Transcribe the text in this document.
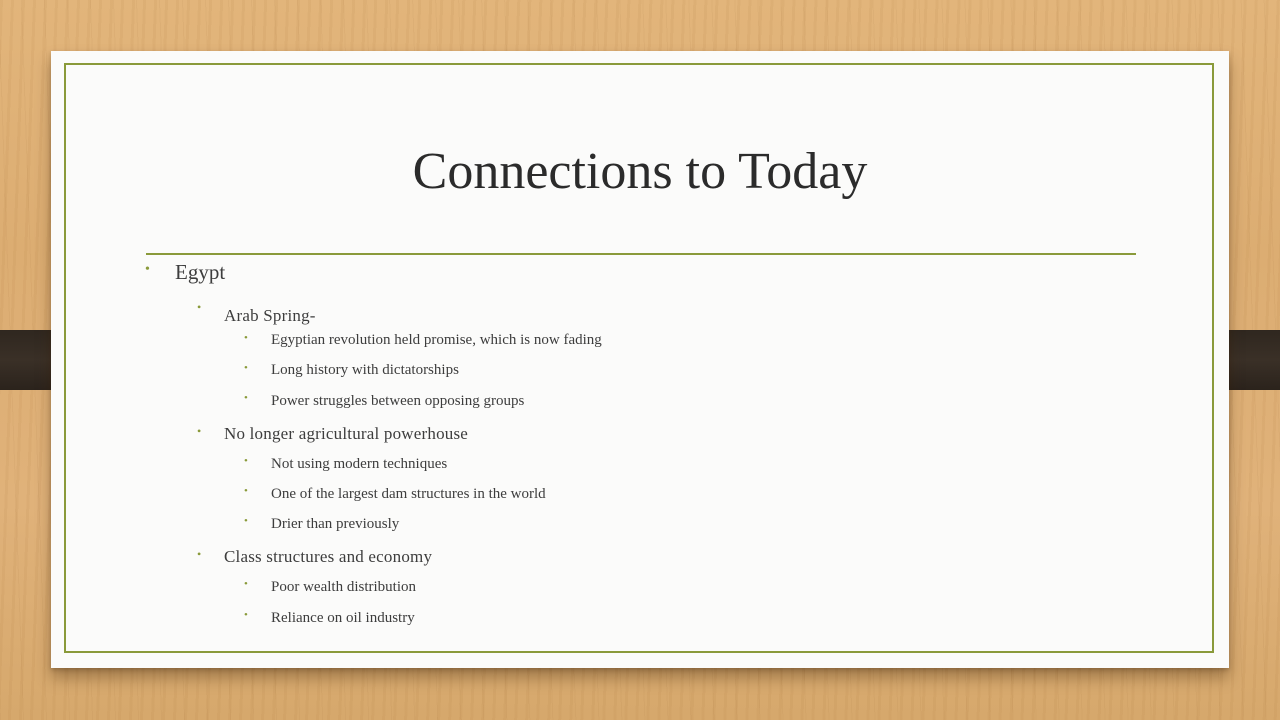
Connections to Today
• Egypt
• Arab Spring-
• Egyptian revolution held promise, which is now fading
• Long history with dictatorships
• Power struggles between opposing groups
• No longer agricultural powerhouse
• Not using modern techniques
• One of the largest dam structures in the world
• Drier than previously
• Class structures and economy
• Poor wealth distribution
• Reliance on oil industry
